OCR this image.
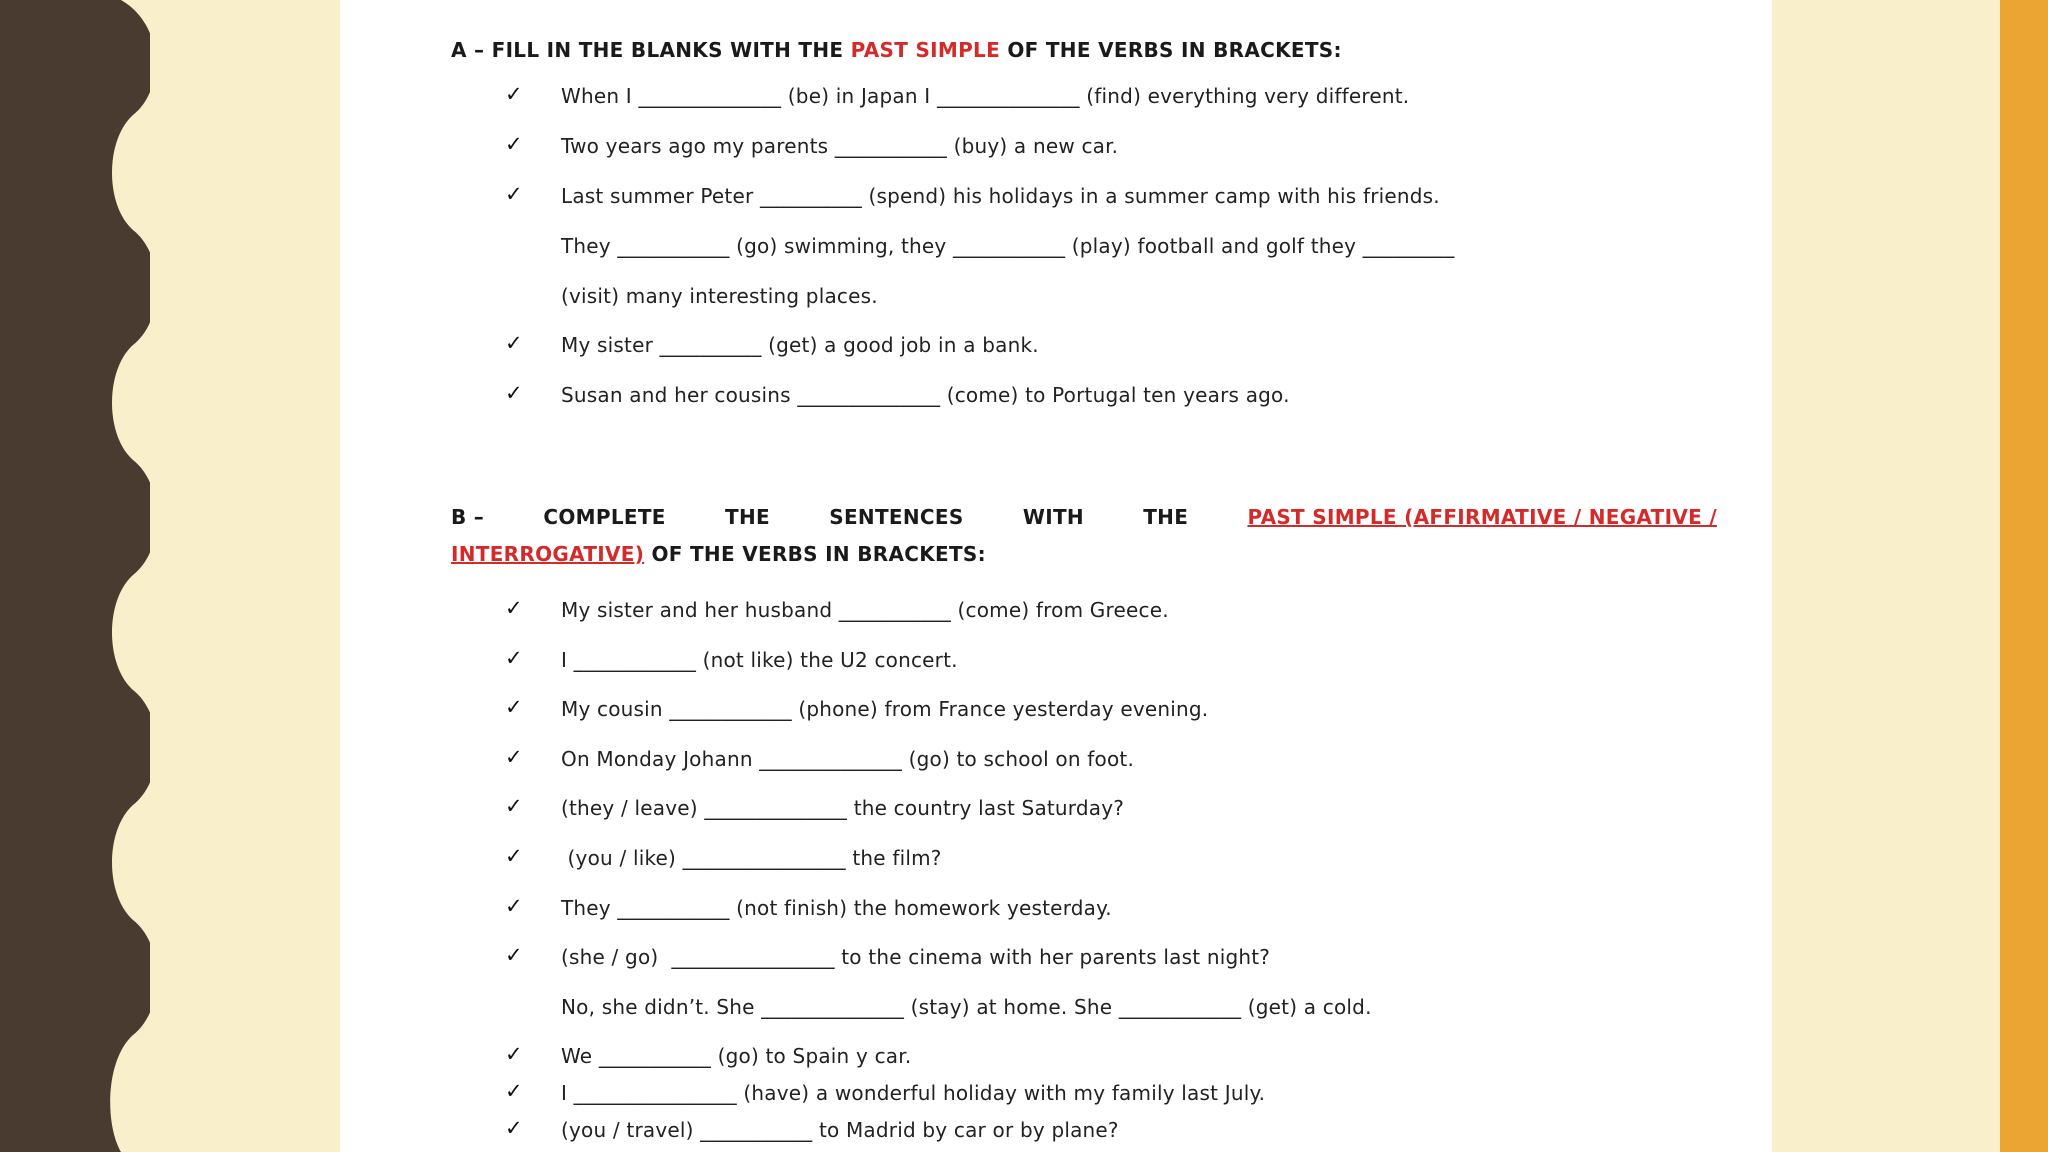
A – FILL IN THE BLANKS WITH THE PAST SIMPLE OF THE VERBS IN BRACKETS:
✓ When I ______________ (be) in Japan I ______________ (find) everything very different.
✓ Two years ago my parents ___________ (buy) a new car.
✓ Last summer Peter __________ (spend) his holidays in a summer camp with his friends.
They ___________ (go) swimming, they ___________ (play) football and golf they _________
(visit) many interesting places.
✓ My sister __________ (get) a good job in a bank.
✓ Susan and her cousins ______________ (come) to Portugal ten years ago.
B –	COMPLETE	THE	SENTENCES	WITH	THE	PAST SIMPLE (AFFIRMATIVE / NEGATIVE /
INTERROGATIVE) OF THE VERBS IN BRACKETS:
✓ My sister and her husband ___________ (come) from Greece.
✓ I ____________ (not like) the U2 concert.
✓ My cousin ____________ (phone) from France yesterday evening.
✓ On Monday Johann ______________ (go) to school on foot.
✓ (they / leave) ______________ the country last Saturday?
✓ (you / like) ________________ the film?
✓ They ___________ (not finish) the homework yesterday.
✓ (she / go)  ________________ to the cinema with her parents last night?
No, she didn’t. She ______________ (stay) at home. She ____________ (get) a cold.
✓ We ___________ (go) to Spain y car.
✓ I ________________ (have) a wonderful holiday with my family last July.
✓ (you / travel) ___________ to Madrid by car or by plane?
